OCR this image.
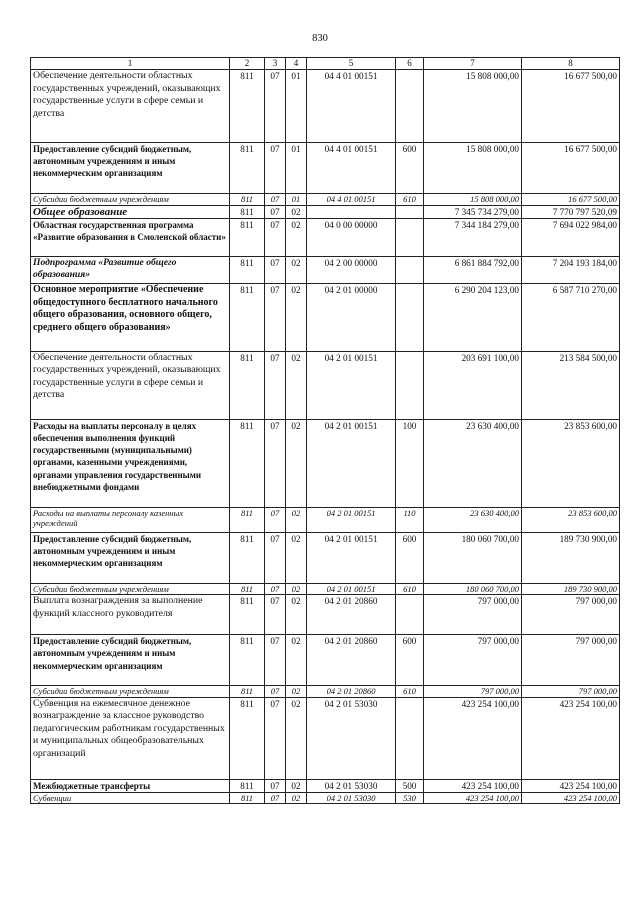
830
1	2	3	4	5	6	7	8
Обеспечение деятельности областных государственных учреждений, оказывающих государственные услуги в сфере семьи и детства	811	07	01	04 4 01 00151		15 808 000,00	16 677 500,00
Предоставление субсидий бюджетным, автономным учреждениям и иным некоммерческим организациям	811	07	01	04 4 01 00151	600	15 808 000,00	16 677 500,00
Субсидии бюджетным учреждениям	811	07	01	04 4 01 00151	610	15 808 000,00	16 677 500,00
Общее образование	811	07	02			7 345 734 279,00	7 770 797 520,09
Областная государственная программа «Развитие образования в Смоленской области»	811	07	02	04 0 00 00000		7 344 184 279,00	7 694 022 984,00
Подпрограмма «Развитие общего образования»	811	07	02	04 2 00 00000		6 861 884 792,00	7 204 193 184,00
Основное мероприятие «Обеспечение общедоступного бесплатного начального общего образования, основного общего, среднего общего образования»	811	07	02	04 2 01 00000		6 290 204 123,00	6 587 710 270,00
Обеспечение деятельности областных государственных учреждений, оказывающих государственные услуги в сфере семьи и детства	811	07	02	04 2 01 00151		203 691 100,00	213 584 500,00
Расходы на выплаты персоналу в целях обеспечения выполнения функций государственными (муниципальными) органами, казенными учреждениями, органами управления государственными внебюджетными фондами	811	07	02	04 2 01 00151	100	23 630 400,00	23 853 600,00
Расходы на выплаты персоналу казенных учреждений	811	07	02	04 2 01 00151	110	23 630 400,00	23 853 600,00
Предоставление субсидий бюджетным, автономным учреждениям и иным некоммерческим организациям	811	07	02	04 2 01 00151	600	180 060 700,00	189 730 900,00
Субсидии бюджетным учреждениям	811	07	02	04 2 01 00151	610	180 060 700,00	189 730 900,00
Выплата вознаграждения за выполнение функций классного руководителя	811	07	02	04 2 01 20860		797 000,00	797 000,00
Предоставление субсидий бюджетным, автономным учреждениям и иным некоммерческим организациям	811	07	02	04 2 01 20860	600	797 000,00	797 000,00
Субсидии бюджетным учреждениям	811	07	02	04 2 01 20860	610	797 000,00	797 000,00
Субвенция на ежемесячное денежное вознаграждение за классное руководство педагогическим работникам государственных и муниципальных общеобразовательных организаций	811	07	02	04 2 01 53030		423 254 100,00	423 254 100,00
Межбюджетные трансферты	811	07	02	04 2 01 53030	500	423 254 100,00	423 254 100,00
Субвенции	811	07	02	04 2 01 53030	530	423 254 100,00	423 254 100,00
